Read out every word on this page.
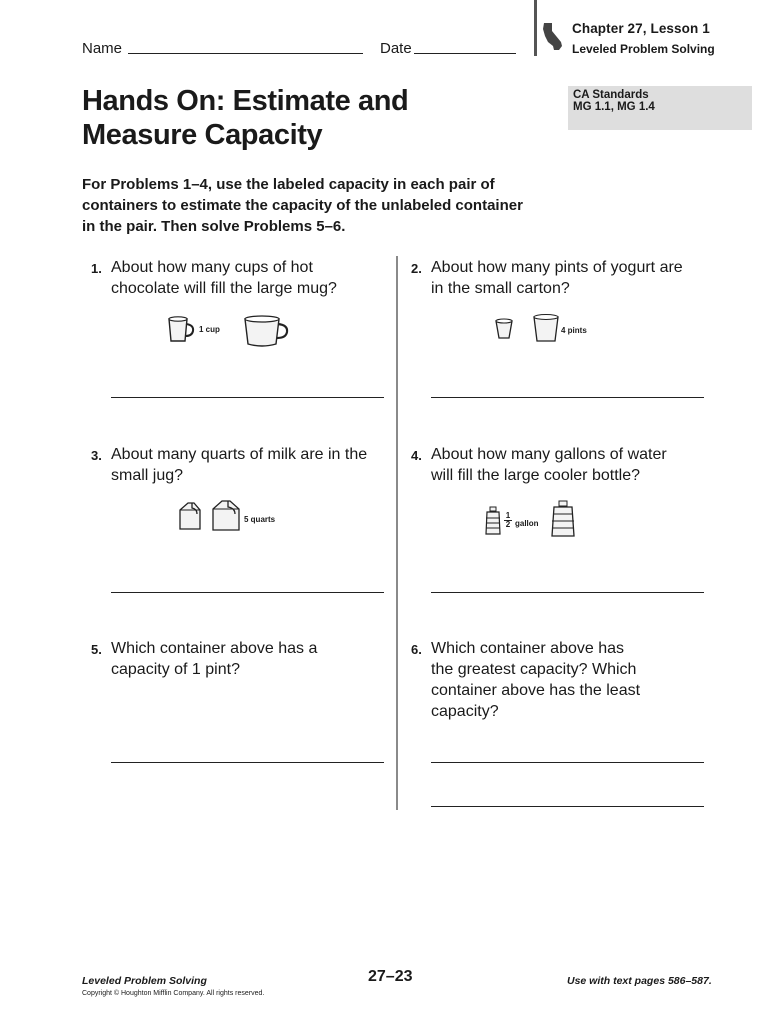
Name	Date
Chapter 27, Lesson 1
Leveled Problem Solving
Hands On: Estimate and
Measure Capacity
CA Standards
MG 1.1, MG 1.4
For Problems 1–4, use the labeled capacity in each pair of
containers to estimate the capacity of the unlabeled container
in the pair. Then solve Problems 5–6.
1. About how many cups of hot
chocolate will fill the large mug?
1 cup
2. About how many pints of yogurt are
in the small carton?
4 pints
3. About many quarts of milk are in the
small jug?
5 quarts
4. About how many gallons of water
will fill the large cooler bottle?
$\frac{1}{2}$ gallon
5. Which container above has a
capacity of 1 pint?
6. Which container above has
the greatest capacity? Which
container above has the least
capacity?
Leveled Problem Solving
Copyright © Houghton Mifflin Company. All rights reserved.
27–23	Use with text pages 586–587.
